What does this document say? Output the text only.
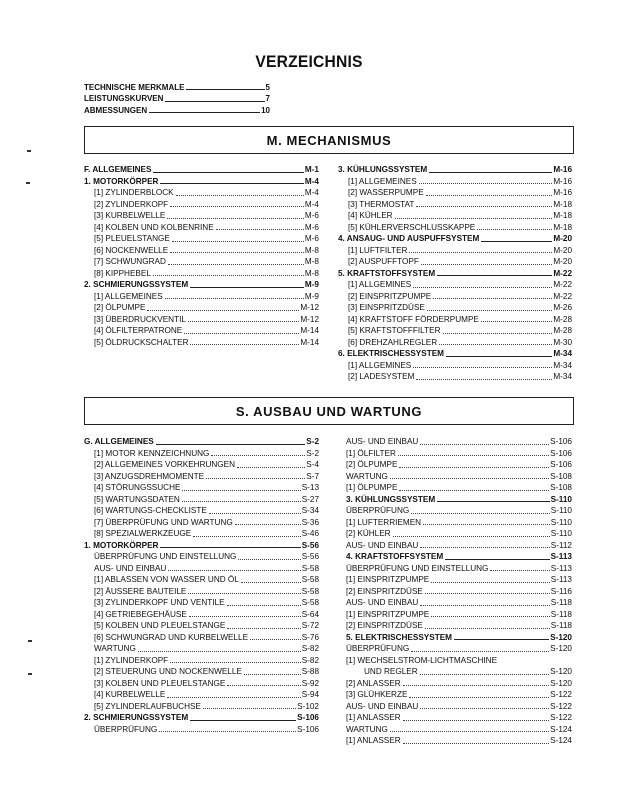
VERZEICHNIS
TECHNISCHE MERKMALE	5
LEISTUNGSKURVEN	7
ABMESSUNGEN	10
M. MECHANISMUS
F. ALLGEMEINES	M-1
1. MOTORKÖRPER	M-4
[1] ZYLINDERBLOCK	M-4
[2] ZYLINDERKOPF	M-4
[3] KURBELWELLE	M-6
[4] KOLBEN UND KOLBENRINE	M-6
[5] PLEUELSTANGE	M-6
[6] NOCKENWELLE	M-8
[7] SCHWUNGRAD	M-8
[8] KIPPHEBEL	M-8
2. SCHMIERUNGSSYSTEM	M-9
[1] ALLGEMEINES	M-9
[2] ÖLPUMPE	M-12
[3] ÜBERDRUCKVENTIL	M-12
[4] ÖLFILTERPATRONE	M-14
[5] ÖLDRUCKSCHALTER	M-14
3. KÜHLUNGSSYSTEM	M-16
[1] ALLGEMEINES	M-16
[2] WASSERPUMPE	M-16
[3] THERMOSTAT	M-18
[4] KÜHLER	M-18
[5] KÜHLERVERSCHLUSSKAPPE	M-18
4. ANSAUG- UND AUSPUFFSYSTEM	M-20
[1] LUFTFILTER	M-20
[2] AUSPUFFTOPF	M-20
5. KRAFTSTOFFSYSTEM	M-22
[1] ALLGEMINES	M-22
[2] EINSPRITZPUMPE	M-22
[3] EINSPRITZDÜSE	M-26
[4] KRAFTSTOFF FÖRDERPUMPE	M-28
[5] KRAFTSTOFFFILTER	M-28
[6] DREHZAHLREGLER	M-30
6. ELEKTRISCHESSYSTEM	M-34
[1] ALLGEMINES	M-34
[2] LADESYSTEM	M-34
S. AUSBAU UND WARTUNG
G. ALLGEMEINES	S-2
[1] MOTOR KENNZEICHNUNG	S-2
[2] ALLGEMEINES VORKEHRUNGEN	S-4
[3] ANZUGSDREHMOMENTE	S-7
[4] STÖRUNGSSUCHE	S-13
[5] WARTUNGSDATEN	S-27
[6] WARTUNGS-CHECKLISTE	S-34
[7] ÜBERPRÜFUNG UND WARTUNG	S-36
[8] SPEZIALWERKZEUGE	S-46
1. MOTORKÖRPER	S-56
ÜBERPRÜFUNG UND EINSTELLUNG	S-56
AUS- UND EINBAU	S-58
[1] ABLASSEN VON WASSER UND ÖL	S-58
[2] ÄUSSERE BAUTEILE	S-58
[3] ZYLINDERKOPF UND VENTILE	S-58
[4] GETRIEBEGEHÄUSE	S-64
[5] KOLBEN UND PLEUELSTANGE	S-72
[6] SCHWUNGRAD UND KURBELWELLE	S-76
WARTUNG	S-82
[1] ZYLINDERKOPF	S-82
[2] STEUERUNG UND NOCKENWELLE	S-88
[3] KOLBEN UND PLEUELSTANGE	S-92
[4] KURBELWELLE	S-94
[5] ZYLINDERLAUFBUCHSE	S-102
2. SCHMIERUNGSSYSTEM	S-106
ÜBERPRÜFUNG	S-106
AUS- UND EINBAU	S-106
[1] ÖLFILTER	S-106
[2] ÖLPUMPE	S-106
WARTUNG	S-108
[1] ÖLPUMPE	S-108
3. KÜHLUNGSSYSTEM	S-110
ÜBERPRÜFUNG	S-110
[1] LUFTERRIEMEN	S-110
[2] KÜHLER	S-110
AUS- UND EINBAU	S-112
4. KRAFTSTOFFSYSTEM	S-113
ÜBERPRÜFUNG UND EINSTELLUNG	S-113
[1] EINSPRITZPUMPE	S-113
[2] EINSPRITZDÜSE	S-116
AUS- UND EINBAU	S-118
[1] EINSPRITZPUMPE	S-118
[2] EINSPRITZDÜSE	S-118
5. ELEKTRISCHESSYSTEM	S-120
ÜBERPRÜFUNG	S-120
[1] WECHSELSTROM-LICHTMASCHINE
UND REGLER	S-120
[2] ANLASSER	S-120
[3] GLÜHKERZE	S-122
AUS- UND EINBAU	S-122
[1] ANLASSER	S-122
WARTUNG	S-124
[1] ANLASSER	S-124
